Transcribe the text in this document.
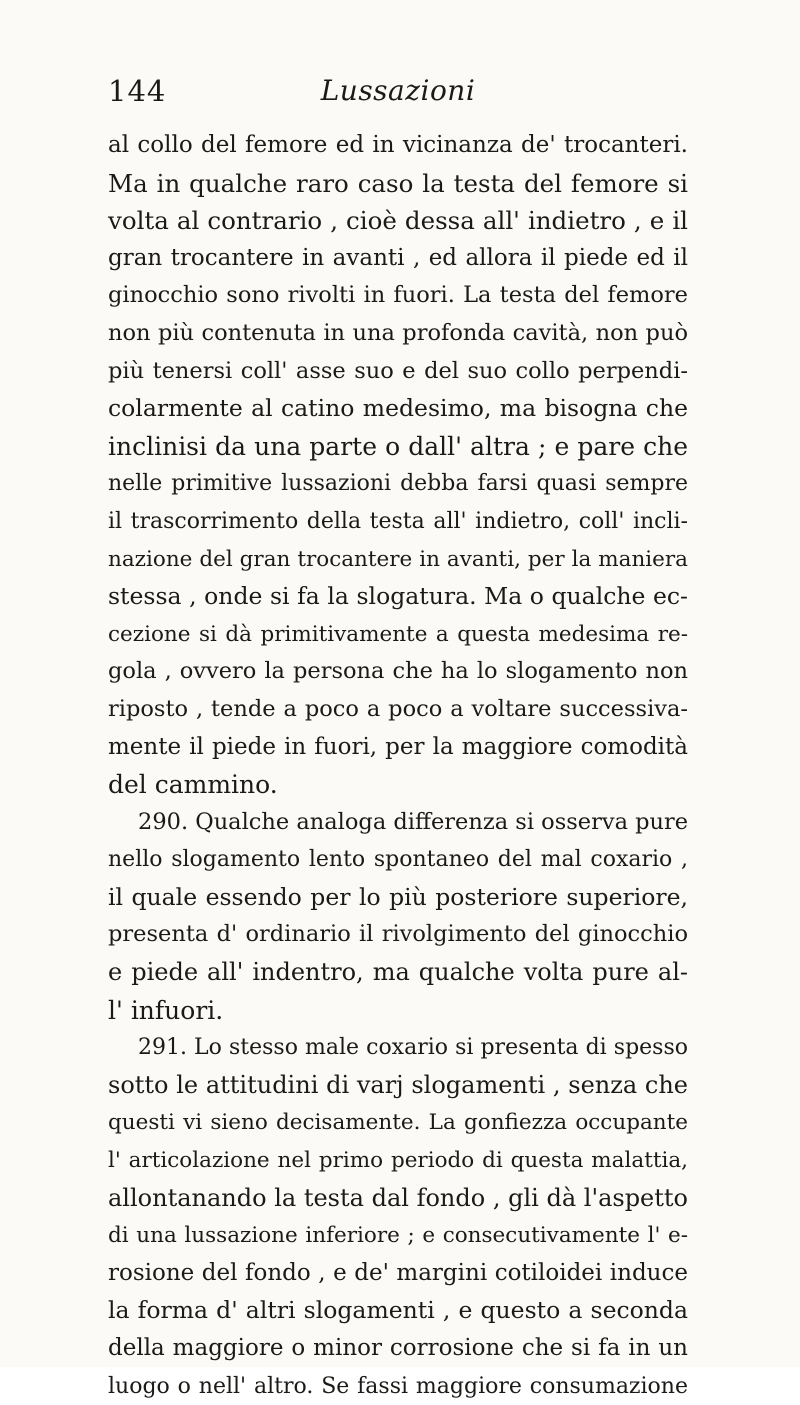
144	Lussazioni
al collo del femore ed in vicinanza de' trocanteri.
Ma in qualche raro caso la testa del femore si
volta al contrario , cioè dessa all' indietro , e il
gran trocantere in avanti , ed allora il piede ed il
ginocchio sono rivolti in fuori. La testa del femore
non più contenuta in una profonda cavità, non può
più tenersi coll' asse suo e del suo collo perpendi-
colarmente al catino medesimo, ma bisogna che
inclinisi da una parte o dall' altra ; e pare che
nelle primitive lussazioni debba farsi quasi sempre
il trascorrimento della testa all' indietro, coll' incli-
nazione del gran trocantere in avanti, per la maniera
stessa , onde si fa la slogatura. Ma o qualche ec-
cezione si dà primitivamente a questa medesima re-
gola , ovvero la persona che ha lo slogamento non
riposto , tende a poco a poco a voltare successiva-
mente il piede in fuori, per la maggiore comodità
del cammino.
290. Qualche analoga differenza si osserva pure
nello slogamento lento spontaneo del mal coxario ,
il quale essendo per lo più posteriore superiore,
presenta d' ordinario il rivolgimento del ginocchio
e piede all' indentro, ma qualche volta pure al-
l' infuori.
291. Lo stesso male coxario si presenta di spesso
sotto le attitudini di varj slogamenti , senza che
questi vi sieno decisamente. La gonfiezza occupante
l' articolazione nel primo periodo di questa malattia,
allontanando la testa dal fondo , gli dà l'aspetto
di una lussazione inferiore ; e consecutivamente l' e-
rosione del fondo , e de' margini cotiloidei induce
la forma d' altri slogamenti , e questo a seconda
della maggiore o minor corrosione che si fa in un
luogo o nell' altro. Se fassi maggiore consumazione
